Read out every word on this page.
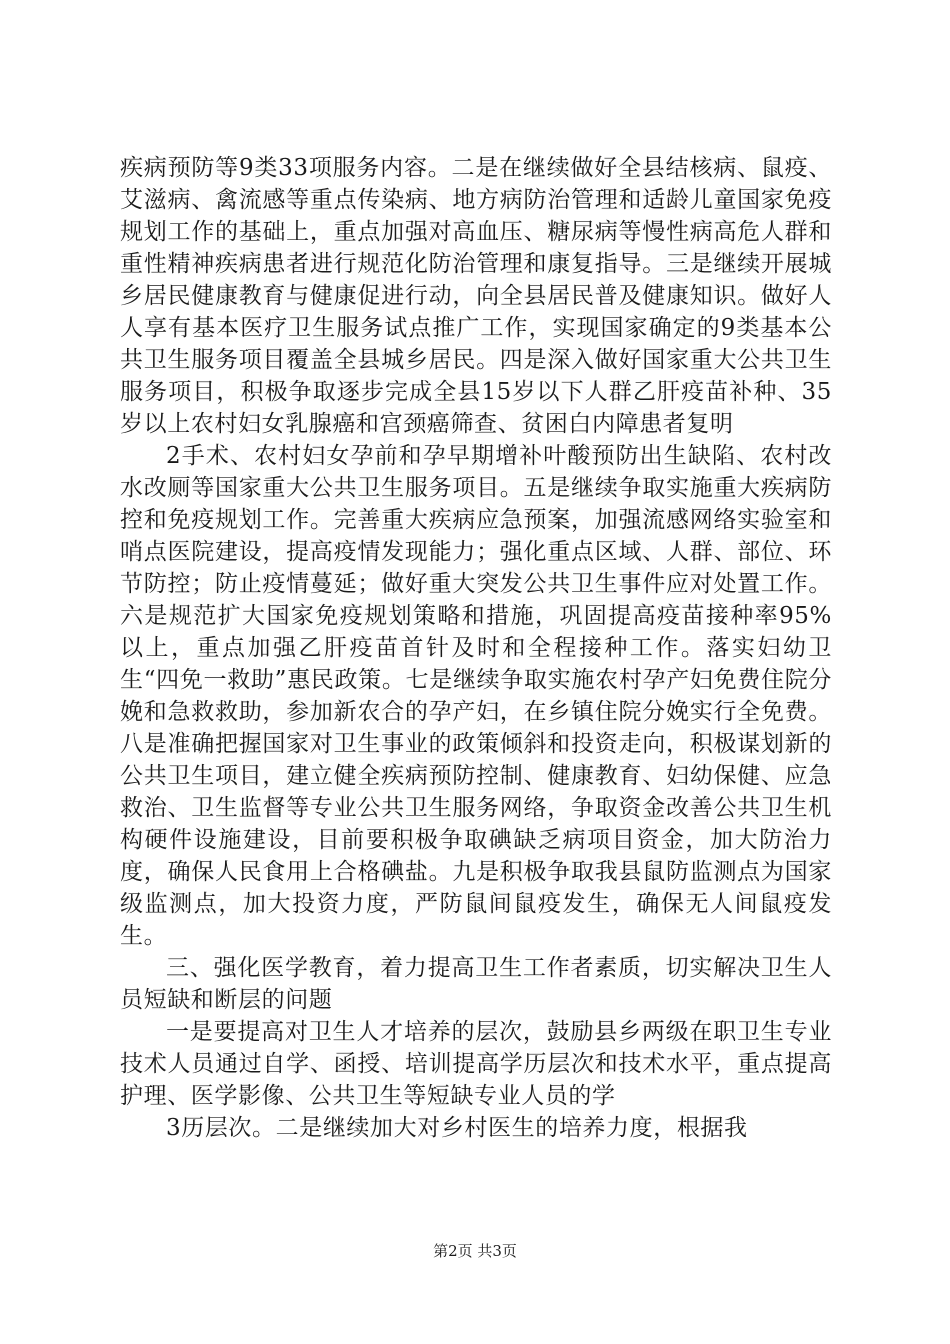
疾病预防等9类33项服务内容。二是在继续做好全县结核病、鼠疫、艾滋病、禽流感等重点传染病、地方病防治管理和适龄儿童国家免疫规划工作的基础上，重点加强对高血压、糖尿病等慢性病高危人群和重性精神疾病患者进行规范化防治管理和康复指导。三是继续开展城乡居民健康教育与健康促进行动，向全县居民普及健康知识。做好人人享有基本医疗卫生服务试点推广工作，实现国家确定的9类基本公共卫生服务项目覆盖全县城乡居民。四是深入做好国家重大公共卫生服务项目，积极争取逐步完成全县15岁以下人群乙肝疫苗补种、35岁以上农村妇女乳腺癌和宫颈癌筛查、贫困白内障患者复明

2手术、农村妇女孕前和孕早期增补叶酸预防出生缺陷、农村改水改厕等国家重大公共卫生服务项目。五是继续争取实施重大疾病防控和免疫规划工作。完善重大疾病应急预案，加强流感网络实验室和哨点医院建设，提高疫情发现能力；强化重点区域、人群、部位、环节防控；防止疫情蔓延；做好重大突发公共卫生事件应对处置工作。六是规范扩大国家免疫规划策略和措施，巩固提高疫苗接种率95%以上，重点加强乙肝疫苗首针及时和全程接种工作。落实妇幼卫生“四免一救助”惠民政策。七是继续争取实施农村孕产妇免费住院分娩和急救救助，参加新农合的孕产妇，在乡镇住院分娩实行全免费。八是准确把握国家对卫生事业的政策倾斜和投资走向，积极谋划新的公共卫生项目，建立健全疾病预防控制、健康教育、妇幼保健、应急救治、卫生监督等专业公共卫生服务网络，争取资金改善公共卫生机构硬件设施建设，目前要积极争取碘缺乏病项目资金，加大防治力度，确保人民食用上合格碘盐。九是积极争取我县鼠防监测点为国家级监测点，加大投资力度，严防鼠间鼠疫发生，确保无人间鼠疫发生。

三、强化医学教育，着力提高卫生工作者素质，切实解决卫生人员短缺和断层的问题

一是要提高对卫生人才培养的层次，鼓励县乡两级在职卫生专业技术人员通过自学、函授、培训提高学历层次和技术水平，重点提高护理、医学影像、公共卫生等短缺专业人员的学

3历层次。二是继续加大对乡村医生的培养力度，根据我

第2页 共3页
